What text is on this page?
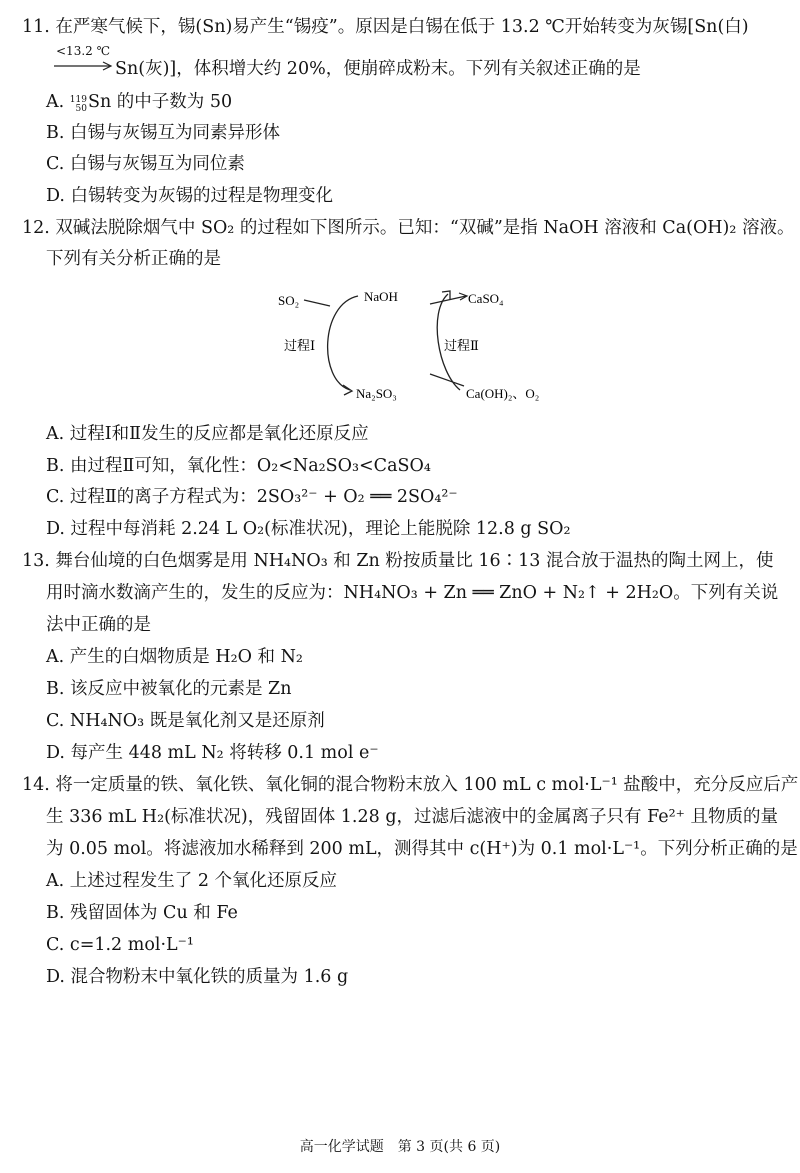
11. 在严寒气候下，锡(Sn)易产生“锡疫”。原因是白锡在低于 13.2 ℃开始转变为灰锡[Sn(白)
<13.2 ℃
Sn(灰)]，体积增大约 20%，便崩碎成粉末。下列有关叙述正确的是
A. 119
50Sn 的中子数为 50
B. 白锡与灰锡互为同素异形体
C. 白锡与灰锡互为同位素
D. 白锡转变为灰锡的过程是物理变化
12. 双碱法脱除烟气中 SO₂ 的过程如下图所示。已知：“双碱”是指 NaOH 溶液和 Ca(OH)₂ 溶液。
下列有关分析正确的是
SO₂	NaOH	CaSO₄
过程Ⅰ	过程Ⅱ
Na₂SO₃	Ca(OH)₂、O₂
A. 过程Ⅰ和Ⅱ发生的反应都是氧化还原反应
B. 由过程Ⅱ可知，氧化性：O₂<Na₂SO₃<CaSO₄
C. 过程Ⅱ的离子方程式为：2SO₃²⁻ + O₂ ══ 2SO₄²⁻
D. 过程中每消耗 2.24 L O₂(标准状况)，理论上能脱除 12.8 g SO₂
13. 舞台仙境的白色烟雾是用 NH₄NO₃ 和 Zn 粉按质量比 16∶13 混合放于温热的陶土网上，使
用时滴水数滴产生的，发生的反应为：NH₄NO₃ + Zn ══ ZnO + N₂↑ + 2H₂O。下列有关说
法中正确的是
A. 产生的白烟物质是 H₂O 和 N₂
B. 该反应中被氧化的元素是 Zn
C. NH₄NO₃ 既是氧化剂又是还原剂
D. 每产生 448 mL N₂ 将转移 0.1 mol e⁻
14. 将一定质量的铁、氧化铁、氧化铜的混合物粉末放入 100 mL c mol·L⁻¹ 盐酸中，充分反应后产
生 336 mL H₂(标准状况)，残留固体 1.28 g，过滤后滤液中的金属离子只有 Fe²⁺ 且物质的量
为 0.05 mol。将滤液加水稀释到 200 mL，测得其中 c(H⁺)为 0.1 mol·L⁻¹。下列分析正确的是
A. 上述过程发生了 2 个氧化还原反应
B. 残留固体为 Cu 和 Fe
C. c=1.2 mol·L⁻¹
D. 混合物粉末中氧化铁的质量为 1.6 g
高一化学试题　第 3 页(共 6 页)
